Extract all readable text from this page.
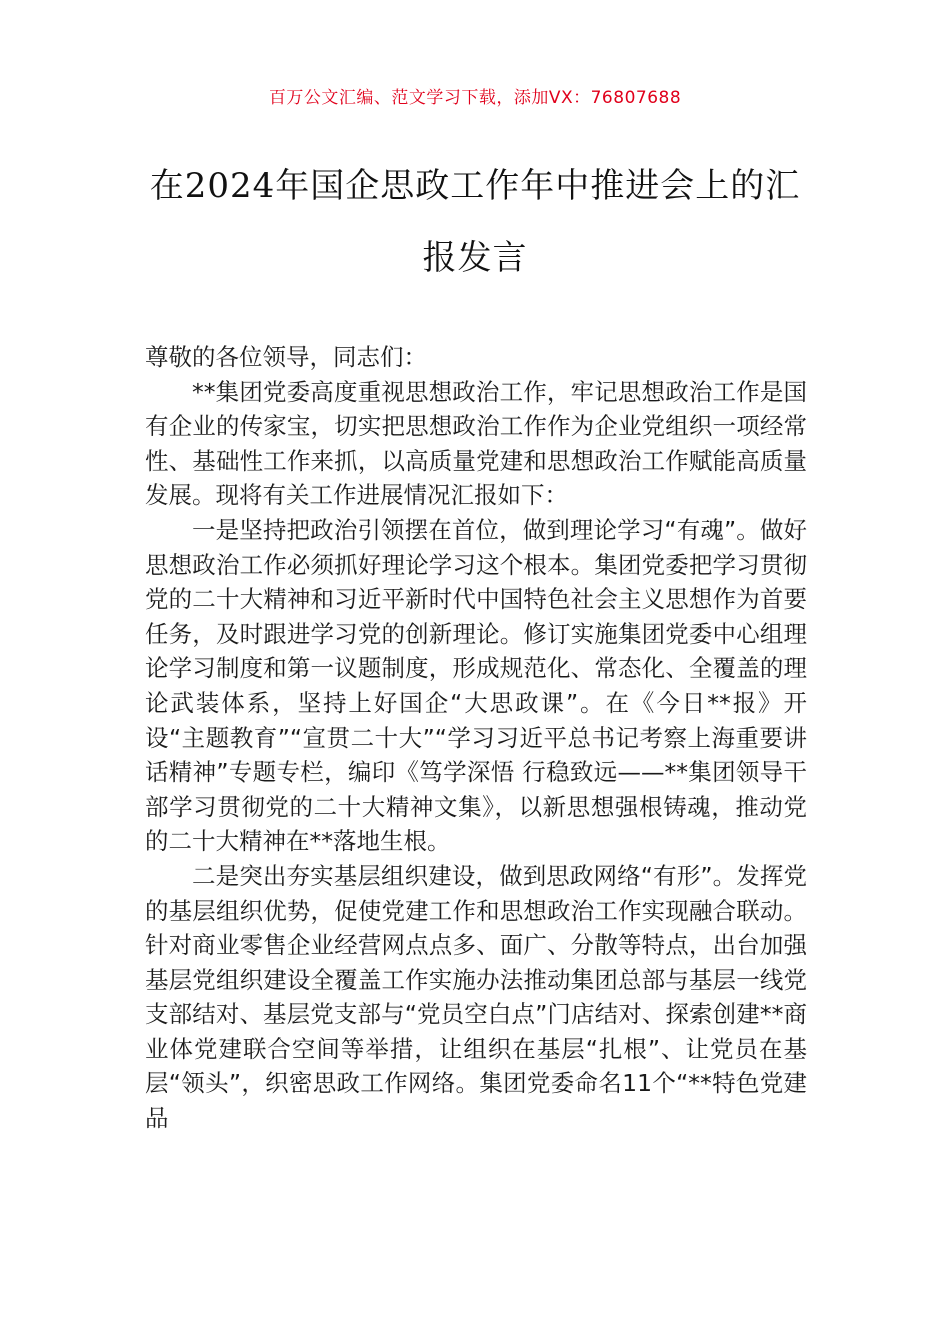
百万公文汇编、范文学习下载，添加VX：76807688
在2024年国企思政工作年中推进会上的汇报发言

尊敬的各位领导，同志们：

**集团党委高度重视思想政治工作，牢记思想政治工作是国有企业的传家宝，切实把思想政治工作作为企业党组织一项经常性、基础性工作来抓，以高质量党建和思想政治工作赋能高质量发展。现将有关工作进展情况汇报如下：

一是坚持把政治引领摆在首位，做到理论学习“有魂”。做好思想政治工作必须抓好理论学习这个根本。集团党委把学习贯彻党的二十大精神和习近平新时代中国特色社会主义思想作为首要任务，及时跟进学习党的创新理论。修订实施集团党委中心组理论学习制度和第一议题制度，形成规范化、常态化、全覆盖的理论武装体系，坚持上好国企“大思政课”。在《今日**报》开设“主题教育”“宣贯二十大”“学习习近平总书记考察上海重要讲话精神”专题专栏，编印《笃学深悟 行稳致远——**集团领导干部学习贯彻党的二十大精神文集》，以新思想强根铸魂，推动党的二十大精神在**落地生根。

二是突出夯实基层组织建设，做到思政网络“有形”。发挥党的基层组织优势，促使党建工作和思想政治工作实现融合联动。针对商业零售企业经营网点点多、面广、分散等特点，出台加强基层党组织建设全覆盖工作实施办法推动集团总部与基层一线党支部结对、基层党支部与“党员空白点”门店结对、探索创建**商业体党建联合空间等举措，让组织在基层“扎根”、让党员在基层“领头”，织密思政工作网络。集团党委命名11个“**特色党建品
